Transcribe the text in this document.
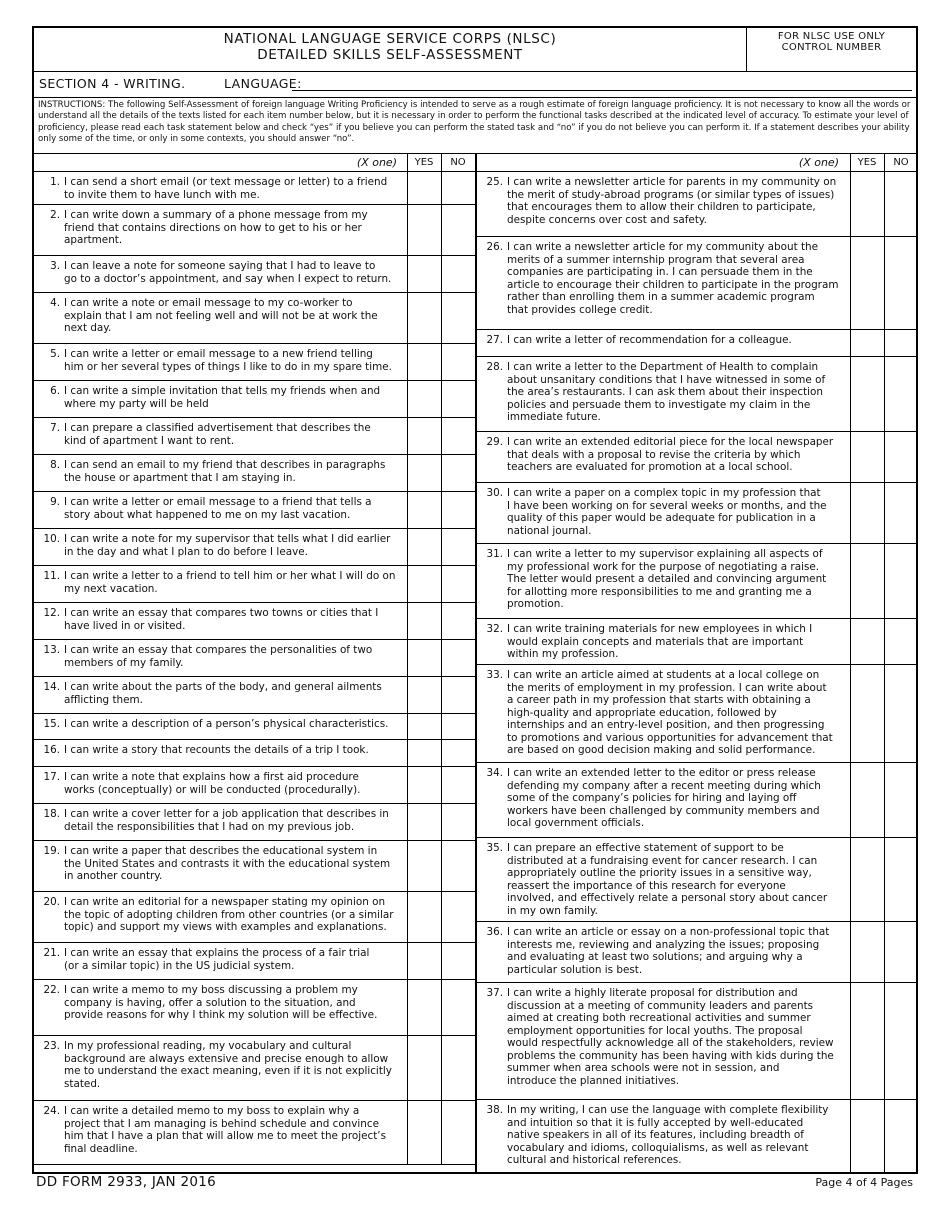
NATIONAL LANGUAGE SERVICE CORPS (NLSC)
DETAILED SKILLS SELF-ASSESSMENT
FOR NLSC USE ONLY
CONTROL NUMBER
SECTION 4 - WRITING.	LANGUAGE:
INSTRUCTIONS: The following Self-Assessment of foreign language Writing Proficiency is intended to serve as a rough estimate of foreign language proficiency. It is not necessary to know all the words or understand all the details of the texts listed for each item number below, but it is necessary in order to perform the functional tasks described at the indicated level of accuracy. To estimate your level of proficiency, please read each task statement below and check “yes” if you believe you can perform the stated task and “no” if you do not believe you can perform it. If a statement describes your ability only some of the time, or only in some contexts, you should answer “no”.
(X one)	YES	NO	(X one)	YES	NO
1. I can send a short email (or text message or letter) to a friend
to invite them to have lunch with me.
2. I can write down a summary of a phone message from my
friend that contains directions on how to get to his or her
apartment.
3. I can leave a note for someone saying that I had to leave to
go to a doctor’s appointment, and say when I expect to return.
4. I can write a note or email message to my co-worker to
explain that I am not feeling well and will not be at work the
next day.
5. I can write a letter or email message to a new friend telling
him or her several types of things I like to do in my spare time.
6. I can write a simple invitation that tells my friends when and
where my party will be held
7. I can prepare a classified advertisement that describes the
kind of apartment I want to rent.
8. I can send an email to my friend that describes in paragraphs
the house or apartment that I am staying in.
9. I can write a letter or email message to a friend that tells a
story about what happened to me on my last vacation.
10. I can write a note for my supervisor that tells what I did earlier
in the day and what I plan to do before I leave.
11. I can write a letter to a friend to tell him or her what I will do on
my next vacation.
12. I can write an essay that compares two towns or cities that I
have lived in or visited.
13. I can write an essay that compares the personalities of two
members of my family.
14. I can write about the parts of the body, and general ailments
afflicting them.
15. I can write a description of a person’s physical characteristics.
16. I can write a story that recounts the details of a trip I took.
17. I can write a note that explains how a first aid procedure
works (conceptually) or will be conducted (procedurally).
18. I can write a cover letter for a job application that describes in
detail the responsibilities that I had on my previous job.
19. I can write a paper that describes the educational system in
the United States and contrasts it with the educational system
in another country.
20. I can write an editorial for a newspaper stating my opinion on
the topic of adopting children from other countries (or a similar
topic) and support my views with examples and explanations.
21. I can write an essay that explains the process of a fair trial
(or a similar topic) in the US judicial system.
22. I can write a memo to my boss discussing a problem my
company is having, offer a solution to the situation, and
provide reasons for why I think my solution will be effective.
23. In my professional reading, my vocabulary and cultural
background are always extensive and precise enough to allow
me to understand the exact meaning, even if it is not explicitly
stated.
24. I can write a detailed memo to my boss to explain why a
project that I am managing is behind schedule and convince
him that I have a plan that will allow me to meet the project’s
final deadline.
25. I can write a newsletter article for parents in my community on
the merit of study-abroad programs (or similar types of issues)
that encourages them to allow their children to participate,
despite concerns over cost and safety.
26. I can write a newsletter article for my community about the
merits of a summer internship program that several area
companies are participating in. I can persuade them in the
article to encourage their children to participate in the program
rather than enrolling them in a summer academic program
that provides college credit.
27. I can write a letter of recommendation for a colleague.
28. I can write a letter to the Department of Health to complain
about unsanitary conditions that I have witnessed in some of
the area’s restaurants. I can ask them about their inspection
policies and persuade them to investigate my claim in the
immediate future.
29. I can write an extended editorial piece for the local newspaper
that deals with a proposal to revise the criteria by which
teachers are evaluated for promotion at a local school.
30. I can write a paper on a complex topic in my profession that
I have been working on for several weeks or months, and the
quality of this paper would be adequate for publication in a
national journal.
31. I can write a letter to my supervisor explaining all aspects of
my professional work for the purpose of negotiating a raise.
The letter would present a detailed and convincing argument
for allotting more responsibilities to me and granting me a
promotion.
32. I can write training materials for new employees in which I
would explain concepts and materials that are important
within my profession.
33. I can write an article aimed at students at a local college on
the merits of employment in my profession. I can write about
a career path in my profession that starts with obtaining a
high-quality and appropriate education, followed by
internships and an entry-level position, and then progressing
to promotions and various opportunities for advancement that
are based on good decision making and solid performance.
34. I can write an extended letter to the editor or press release
defending my company after a recent meeting during which
some of the company’s policies for hiring and laying off
workers have been challenged by community members and
local government officials.
35. I can prepare an effective statement of support to be
distributed at a fundraising event for cancer research. I can
appropriately outline the priority issues in a sensitive way,
reassert the importance of this research for everyone
involved, and effectively relate a personal story about cancer
in my own family.
36. I can write an article or essay on a non-professional topic that
interests me, reviewing and analyzing the issues; proposing
and evaluating at least two solutions; and arguing why a
particular solution is best.
37. I can write a highly literate proposal for distribution and
discussion at a meeting of community leaders and parents
aimed at creating both recreational activities and summer
employment opportunities for local youths. The proposal
would respectfully acknowledge all of the stakeholders, review
problems the community has been having with kids during the
summer when area schools were not in session, and
introduce the planned initiatives.
38. In my writing, I can use the language with complete flexibility
and intuition so that it is fully accepted by well-educated
native speakers in all of its features, including breadth of
vocabulary and idioms, colloquialisms, as well as relevant
cultural and historical references.
DD FORM 2933, JAN 2016	Page 4 of 4 Pages
